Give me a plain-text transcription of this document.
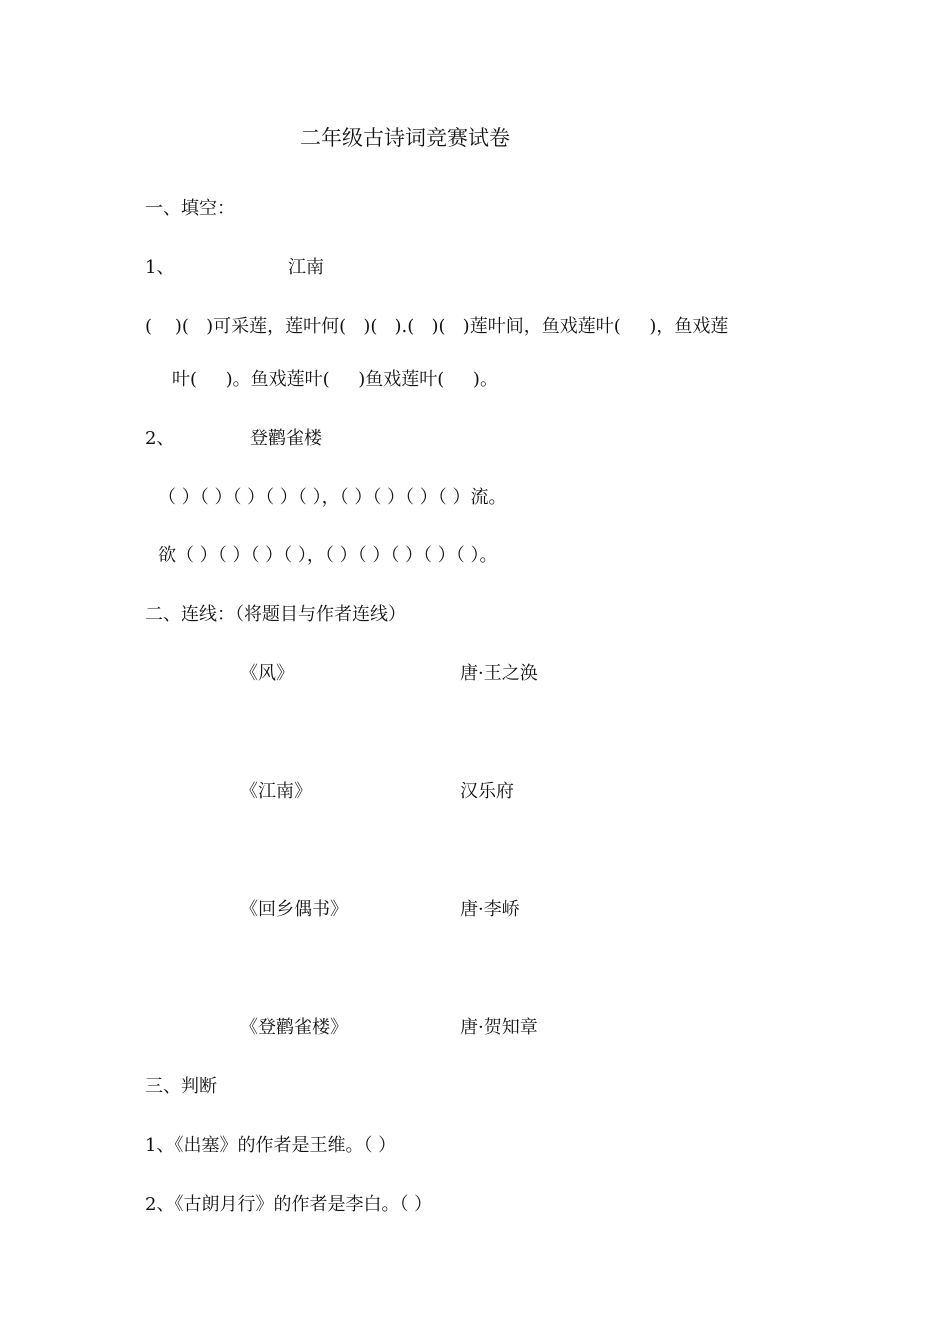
二年级古诗词竞赛试卷
一、填空：
1、	江南
(    )(   )可采莲，莲叶何(   )(   ).(   )(   )莲叶间，鱼戏莲叶(     )，鱼戏莲
叶(     )。鱼戏莲叶(     )鱼戏莲叶(     )。
2、	登鹳雀楼
（ ）（ ）（ ）（ ）（ ），（ ）（ ）（ ）（ ）流。
欲（ ）（ ）（ ）（ ），（ ）（ ）（ ）（ ）（ ）。
二、连线：（将题目与作者连线）
《风》	唐·王之涣
《江南》	汉乐府
《回乡偶书》	唐·李峤
《登鹳雀楼》	唐·贺知章
三、判断
1、《出塞》的作者是王维。（ ）
2、《古朗月行》的作者是李白。（ ）
